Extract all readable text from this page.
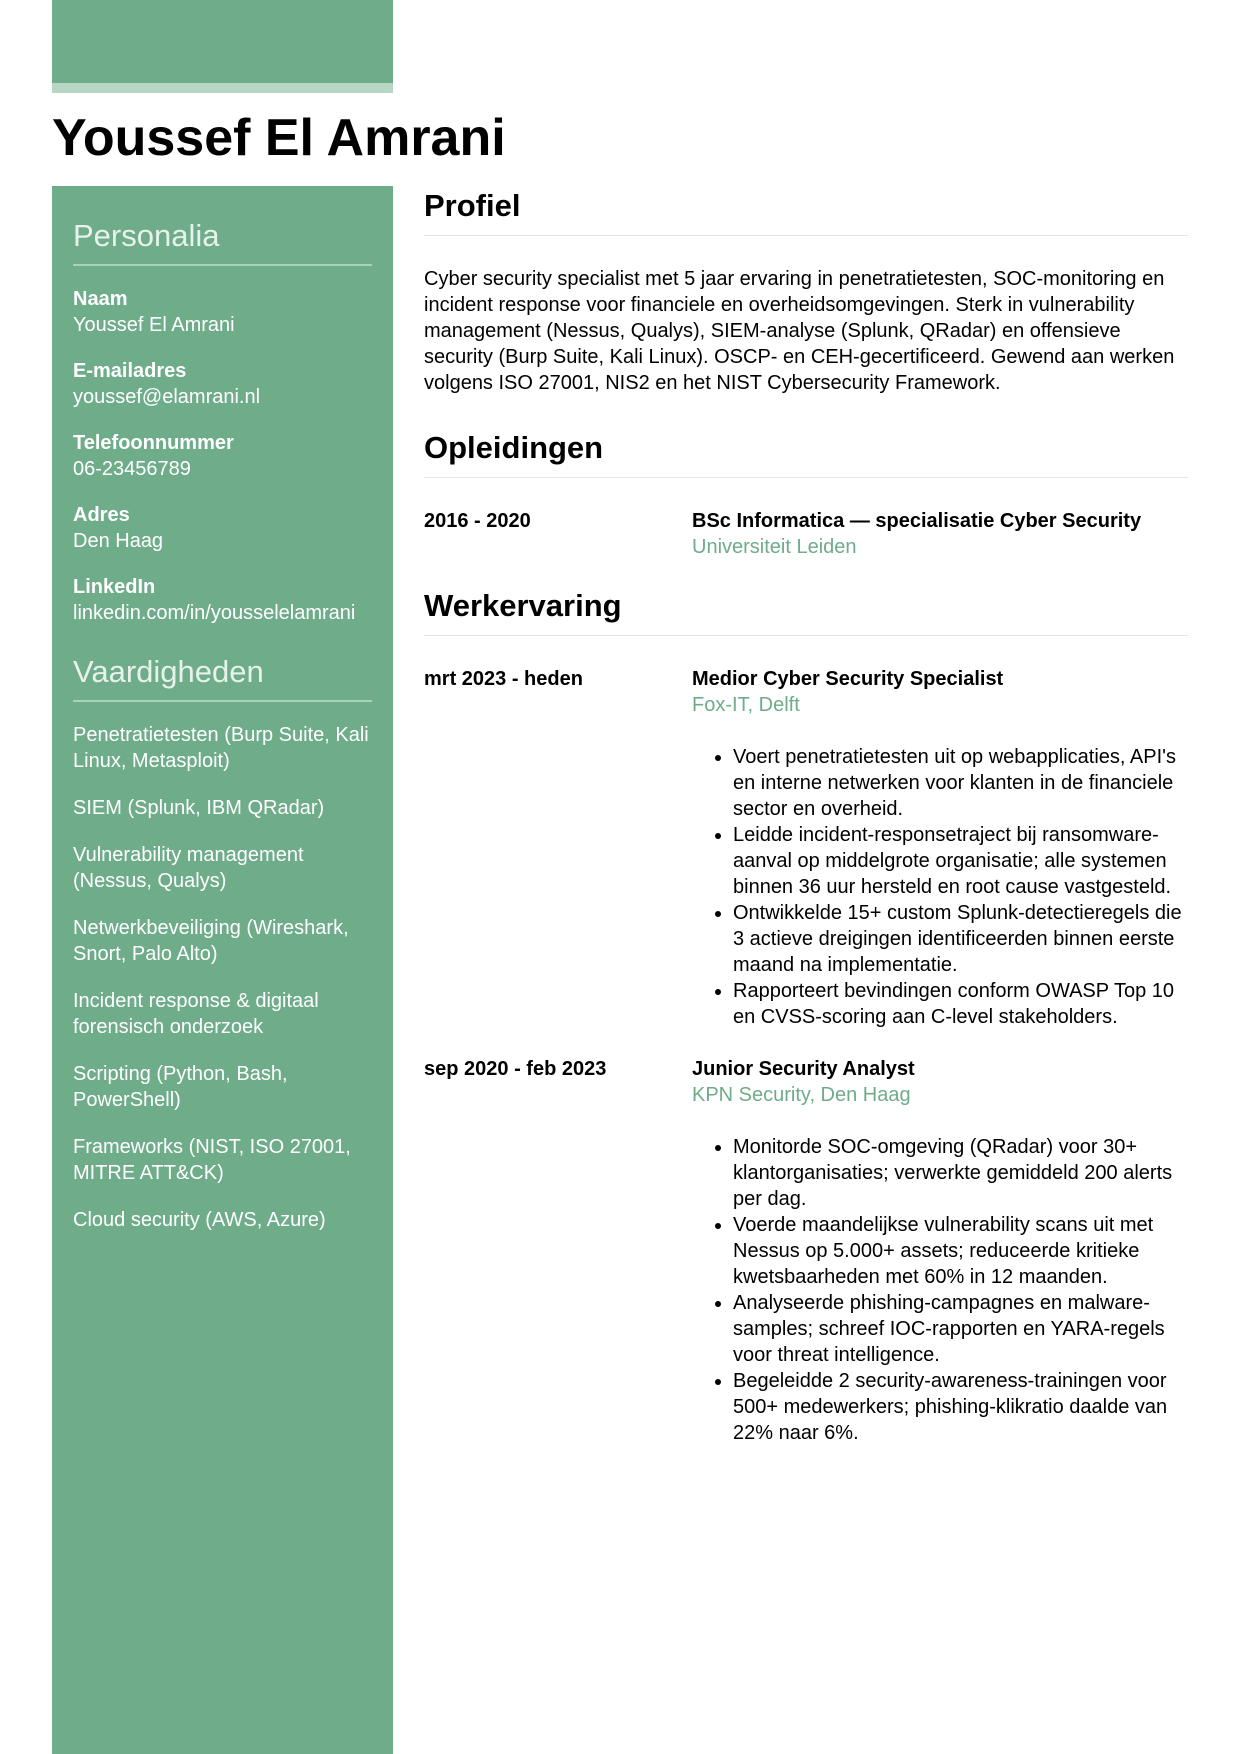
Youssef El Amrani
Personalia
Naam
Youssef El Amrani
E-mailadres
youssef@elamrani.nl
Telefoonnummer
06-23456789
Adres
Den Haag
LinkedIn
linkedin.com/in/yousselelamrani
Vaardigheden
Penetratietesten (Burp Suite, Kali Linux, Metasploit)
SIEM (Splunk, IBM QRadar)
Vulnerability management (Nessus, Qualys)
Netwerkbeveiliging (Wireshark, Snort, Palo Alto)
Incident response & digitaal forensisch onderzoek
Scripting (Python, Bash, PowerShell)
Frameworks (NIST, ISO 27001, MITRE ATT&CK)
Cloud security (AWS, Azure)
Profiel

Cyber security specialist met 5 jaar ervaring in penetratietesten, SOC-monitoring en incident response voor financiele en overheidsomgevingen. Sterk in vulnerability management (Nessus, Qualys), SIEM-analyse (Splunk, QRadar) en offensieve security (Burp Suite, Kali Linux). OSCP- en CEH-gecertificeerd. Gewend aan werken volgens ISO 27001, NIS2 en het NIST Cybersecurity Framework.

Opleidingen
2016 - 2020	BSc Informatica — specialisatie Cyber Security
Universiteit Leiden
Werkervaring
mrt 2023 - heden	Medior Cyber Security Specialist
Fox-IT, Delft
• Voert penetratietesten uit op webapplicaties, API's en interne netwerken voor klanten in de financiele sector en overheid.
• Leidde incident-responsetraject bij ransomware-aanval op middelgrote organisatie; alle systemen binnen 36 uur hersteld en root cause vastgesteld.
• Ontwikkelde 15+ custom Splunk-detectieregels die 3 actieve dreigingen identificeerden binnen eerste maand na implementatie.
• Rapporteert bevindingen conform OWASP Top 10 en CVSS-scoring aan C-level stakeholders.
sep 2020 - feb 2023	Junior Security Analyst
KPN Security, Den Haag
• Monitorde SOC-omgeving (QRadar) voor 30+ klantorganisaties; verwerkte gemiddeld 200 alerts per dag.
• Voerde maandelijkse vulnerability scans uit met Nessus op 5.000+ assets; reduceerde kritieke kwetsbaarheden met 60% in 12 maanden.
• Analyseerde phishing-campagnes en malware-samples; schreef IOC-rapporten en YARA-regels voor threat intelligence.
• Begeleidde 2 security-awareness-trainingen voor 500+ medewerkers; phishing-klikratio daalde van 22% naar 6%.
